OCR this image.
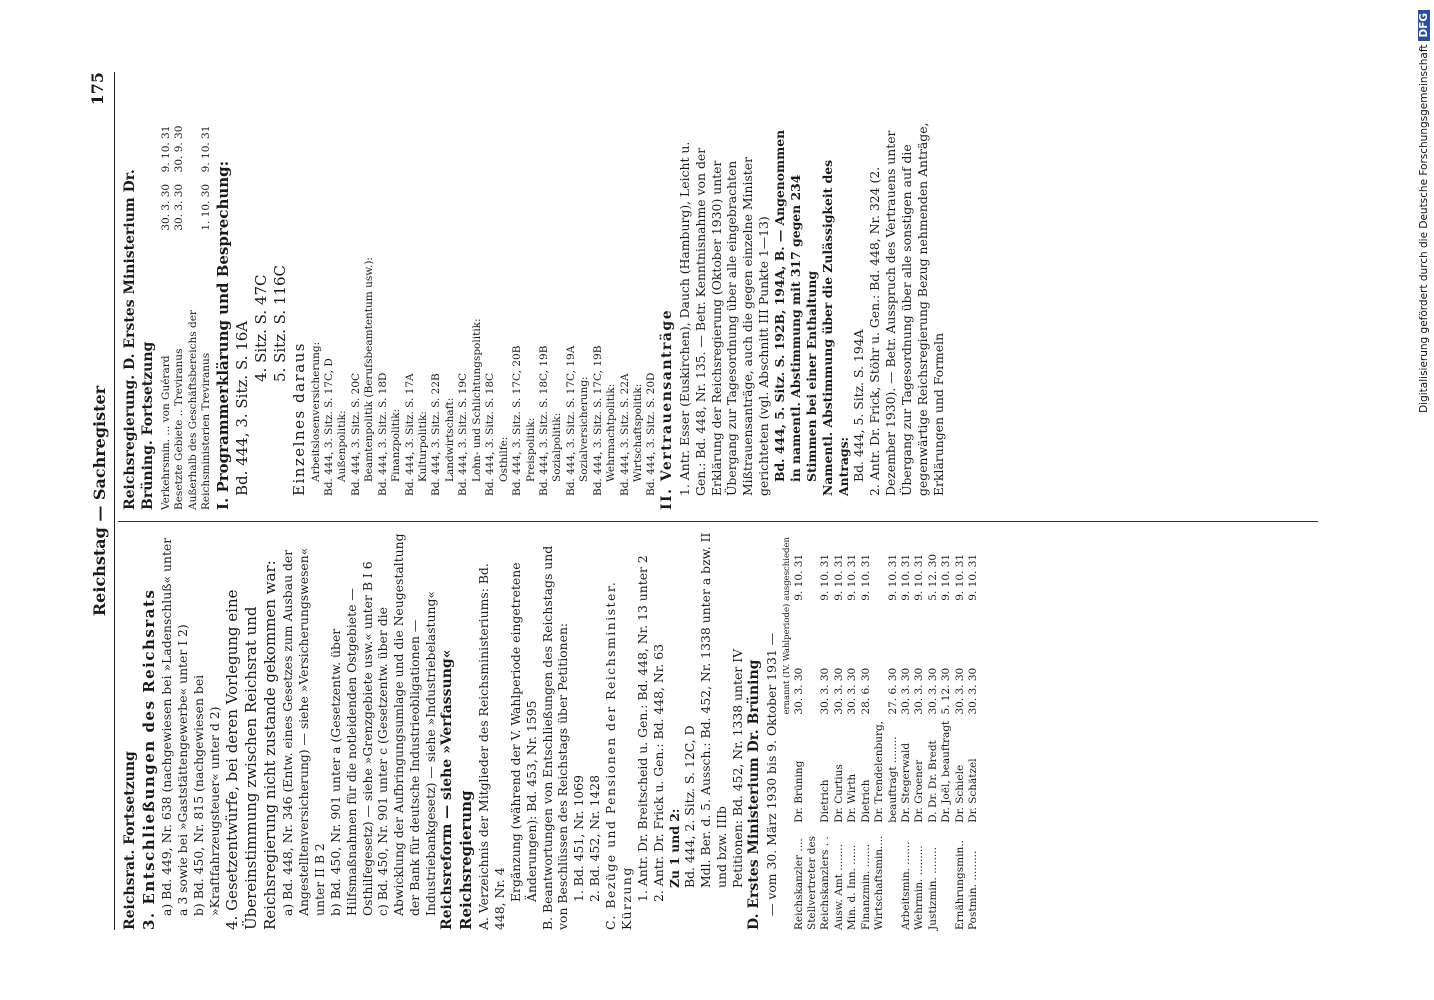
Reichstag — Sachregister
175
Reichsrat. Fortsetzung 3. Entschließungen des Reichsrats a) Bd. 449, Nr. 638 (nachgewiesen bei »Ladenschluß« unter a 3 sowie bei »Gaststättengewerbe« unter I 2) b) Bd. 450, Nr. 815 (nachgewiesen bei »Kraftfahrzeugsteuer« unter d 2) 4. Gesetzentwürfe, bei deren Vorlegung eine Übereinstimmung zwischen Reichsrat und Reichsregierung nicht zustande gekommen war: a) Bd. 448, Nr. 346 (Entw. eines Gesetzes zum Ausbau der Angestelltenversicherung) — siehe »Versicherungswesen« unter II B 2 b) Bd. 450, Nr. 901 unter a (Gesetzentw. über Hilfsmaßnahmen für die notleidenden Ostgebiete — Osthilfegesetz) — siehe »Grenzgebiete usw.« unter B I 6 c) Bd. 450, Nr. 901 unter c (Gesetzentw. über die Abwicklung der Aufbringungsumlage und die Neugestaltung der Bank für deutsche Industrieobligationen — Industriebankgesetz) — siehe »Industriebelastung« Reichsreform — siehe »Verfassung« Reichsregierung A. Verzeichnis der Mitglieder des Reichsministeriums: Bd. 448, Nr. 4 Ergänzung (während der V. Wahlperiode eingetretene Änderungen): Bd. 453, Nr. 1595 B. Beantwortungen von Entschließungen des Reichstags und von Beschlüssen des Reichstags über Petitionen: 1. Bd. 451, Nr. 1069 2. Bd. 452, Nr. 1428 C. Bezüge und Pensionen der Reichsminister. Kürzung 1. Antr. Dr. Breitscheid u. Gen.: Bd. 448, Nr. 13 unter 2 2. Antr. Dr. Frick u. Gen.: Bd. 448, Nr. 63 Zu 1 und 2: Bd. 444, 2. Sitz. S. 12C, D Mdl. Ber. d. 5. Aussch.: Bd. 452, Nr. 1338 unter a bzw. II und bzw. IIIb Petitionen: Bd. 452, Nr. 1338 unter IV D. Erstes Ministerium Dr. Brüning — vom 30. März 1930 bis 9. Oktober 1931 —
		ernannt (IV. Wahlperiode)	ausgeschieden
Reichskanzler ....	Dr. Brüning	30. 3. 30	9. 10. 31
Stellvertreter des			
Reichskanzlers . .	Dietrich	30. 3. 30	9. 10. 31
Ausw. Amt ........	Dr. Curtius	30. 3. 30	9. 10. 31
Min. d. Inn. ......	Dr. Wirth	30. 3. 30	9. 10. 31
Finanzmin. .......	Dietrich	28. 6. 30	9. 10. 31
Wirtschaftsmin....	Dr. Trendelenburg,		
	beauftragt ........	27. 6. 30	9. 10. 31
Arbeitsmin. .......	Dr. Stegerwald	30. 3. 30	9. 10. 31
Wehrmin. .........	Dr. Groener	30. 3. 30	9. 10. 31
Justizmin. ........	D. Dr. Dr. Bredt	30. 3. 30	5. 12. 30
	Dr. Joël, beauftragt	5. 12. 30	9. 10. 31
Ernährungsmin..	Dr. Schiele	30. 3. 30	9. 10. 31
Postmin. .........	Dr. Schätzel	30. 3. 30	9. 10. 31
Reichsregierung. D. Erstes Ministerium Dr. Brüning. Fortsetzung Verkehrsmin. ... von Guérard	30. 3. 30	9. 10. 31
Besetzte Gebiete .. Treviranus	30. 3. 30	30. 9. 30
Außerhalb des Geschäftsbereichs der		
Reichsministerien Treviranus	1. 10. 30	9. 10. 31
I. Programmerklärung und Besprechung: Bd. 444, 3. Sitz. S. 16A 4. Sitz. S. 47C 5. Sitz. S. 116C
Einzelnes daraus Arbeitslosenversicherung: Bd. 444, 3. Sitz. S. 17C, D Außenpolitik: Bd. 444, 3. Sitz. S. 20C Beamtenpolitik (Berufsbeamtentum usw.): Bd. 444, 3. Sitz. S. 18D Finanzpolitik: Bd. 444, 3. Sitz. S. 17A Kulturpolitik: Bd. 444, 3. Sitz. S. 22B Landwirtschaft: Bd. 444, 3. Sitz. S. 19C Lohn- und Schlichtungspolitik: Bd. 444, 3. Sitz. S. 18C Osthilfe: Bd. 444, 3. Sitz. S. 17C, 20B Preispolitik: Bd. 444, 3. Sitz. S. 18C, 19B Sozialpolitik: Bd. 444, 3. Sitz. S. 17C, 19A Sozialversicherung: Bd. 444, 3. Sitz. S. 17C, 19B Wehrmachtpolitik: Bd. 444, 3. Sitz. S. 22A Wirtschaftspolitik: Bd. 444, 3. Sitz. S. 20D II. Vertrauensanträge 1. Antr. Esser (Euskirchen), Dauch (Hamburg), Leicht u. Gen.: Bd. 448, Nr. 135. — Betr. Kenntnisnahme von der Erklärung der Reichsregierung (Oktober 1930) unter Übergang zur Tagesordnung über alle eingebrachten Mißtrauensanträge, auch die gegen einzelne Minister gerichteten (vgl. Abschnitt III Punkte 1—13) Bd. 444, 5. Sitz. S. 192B, 194A, B. — Angenommen in namentl. Abstimmung mit 317 gegen 234 Stimmen bei einer Enthaltung Namentl. Abstimmung über die Zulässigkeit des Antrags: Bd. 444, 5. Sitz. S. 194A 2. Antr. Dr. Frick, Stöhr u. Gen.: Bd. 448, Nr. 324 (2. Dezember 1930). — Betr. Ausspruch des Vertrauens unter Übergang zur Tagesordnung über alle sonstigen auf die gegenwärtige Reichsregierung Bezug nehmenden Anträge, Erklärungen und Formeln
Digitalisierung gefördert durch die Deutsche ForschungsgemeinschaftDFG
